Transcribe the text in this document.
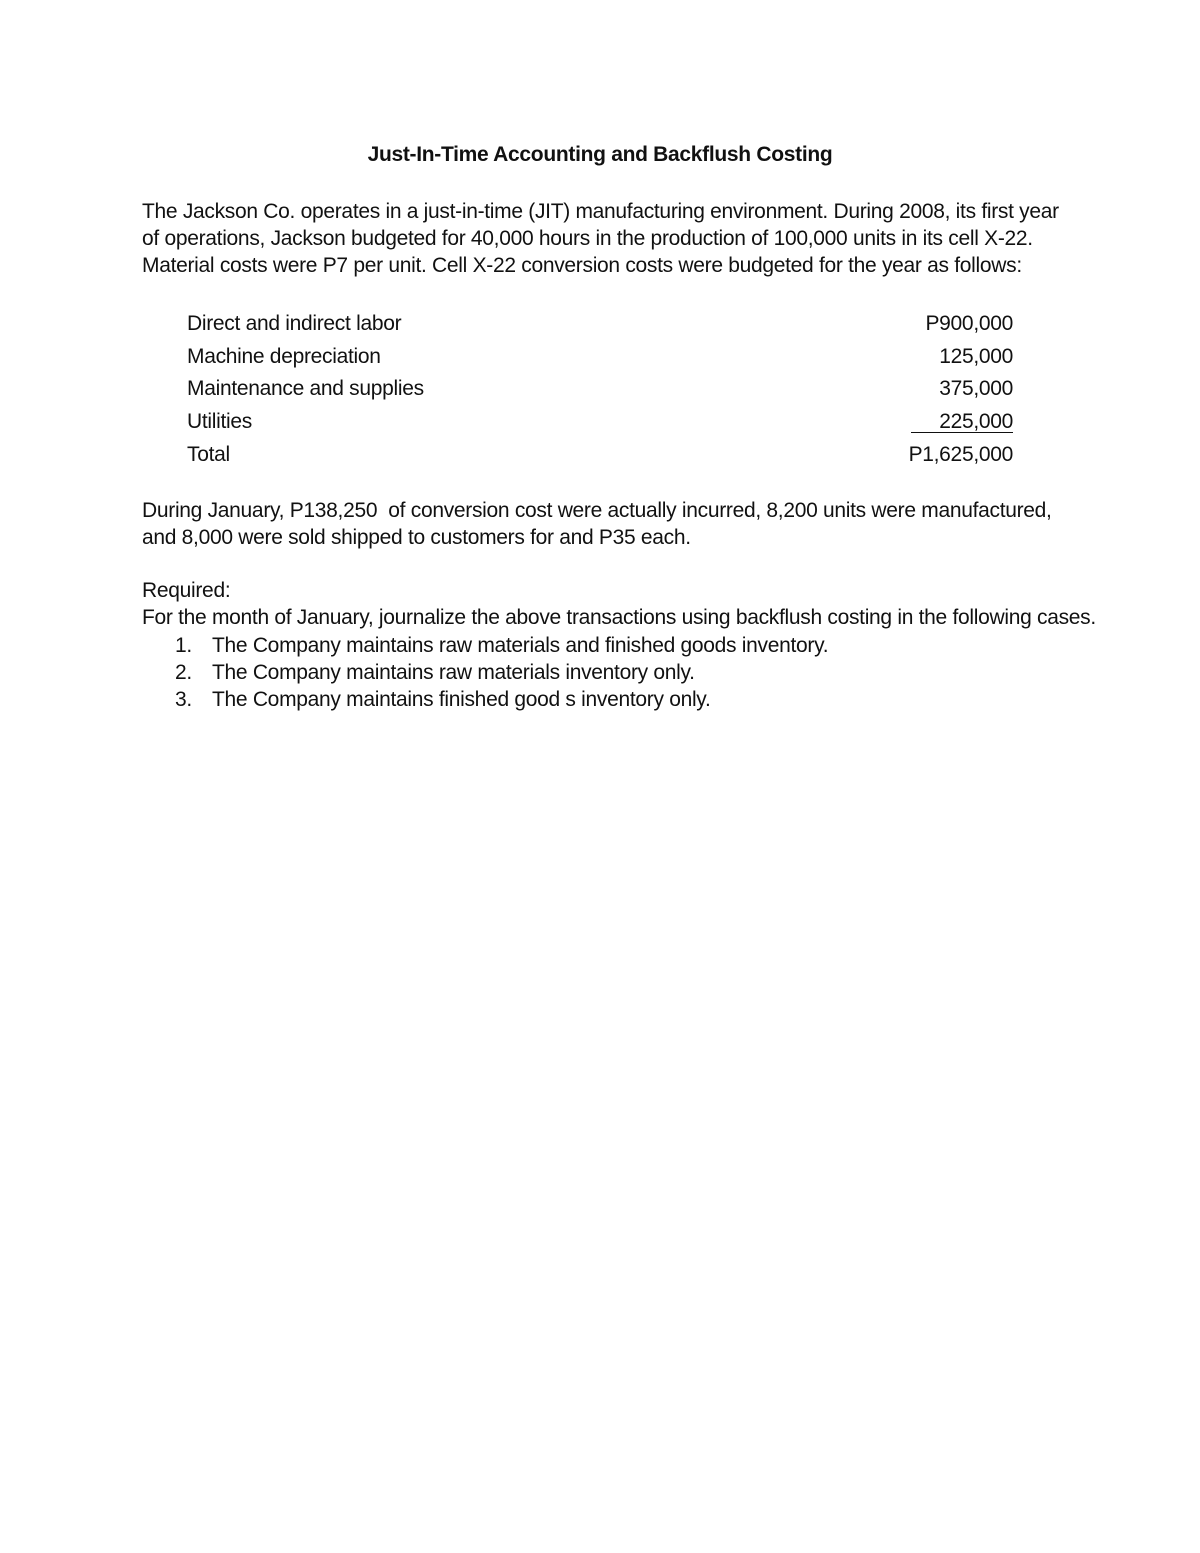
Just-In-Time Accounting and Backflush Costing

The Jackson Co. operates in a just-in-time (JIT) manufacturing environment. During 2008, its first year of operations, Jackson budgeted for 40,000 hours in the production of 100,000 units in its cell X-22. Material costs were P7 per unit. Cell X-22 conversion costs were budgeted for the year as follows:

Direct and indirect labor	P900,000
Machine depreciation	125,000
Maintenance and supplies	375,000
Utilities	225,000
Total	P1,625,000

During January, P138,250  of conversion cost were actually incurred, 8,200 units were manufactured, and 8,000 were sold shipped to customers for and P35 each.

Required:

For the month of January, journalize the above transactions using backflush costing in the following cases.

1. The Company maintains raw materials and finished goods inventory.
2. The Company maintains raw materials inventory only.
3. The Company maintains finished good s inventory only.
